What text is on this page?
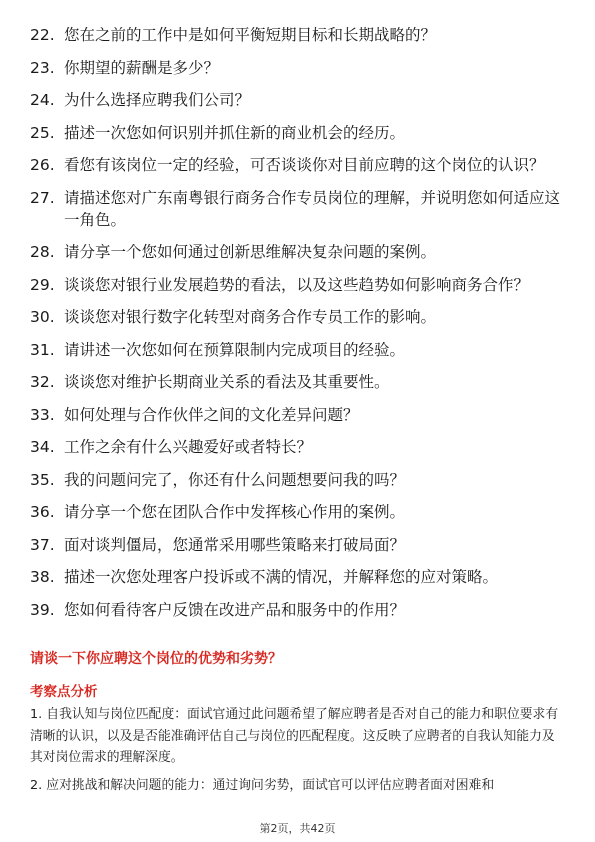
22. 您在之前的工作中是如何平衡短期目标和长期战略的？
23. 你期望的薪酬是多少？
24. 为什么选择应聘我们公司？
25. 描述一次您如何识别并抓住新的商业机会的经历。
26. 看您有该岗位一定的经验，可否谈谈你对目前应聘的这个岗位的认识？
27. 请描述您对广东南粤银行商务合作专员岗位的理解，并说明您如何适应这一角色。
28. 请分享一个您如何通过创新思维解决复杂问题的案例。
29. 谈谈您对银行业发展趋势的看法，以及这些趋势如何影响商务合作？
30. 谈谈您对银行数字化转型对商务合作专员工作的影响。
31. 请讲述一次您如何在预算限制内完成项目的经验。
32. 谈谈您对维护长期商业关系的看法及其重要性。
33. 如何处理与合作伙伴之间的文化差异问题？
34. 工作之余有什么兴趣爱好或者特长？
35. 我的问题问完了，你还有什么问题想要问我的吗？
36. 请分享一个您在团队合作中发挥核心作用的案例。
37. 面对谈判僵局，您通常采用哪些策略来打破局面？
38. 描述一次您处理客户投诉或不满的情况，并解释您的应对策略。
39. 您如何看待客户反馈在改进产品和服务中的作用？
请谈一下你应聘这个岗位的优势和劣势？
考察点分析

1. 自我认知与岗位匹配度：面试官通过此问题希望了解应聘者是否对自己的能力和职位要求有清晰的认识，以及是否能准确评估自己与岗位的匹配程度。这反映了应聘者的自我认知能力及其对岗位需求的理解深度。

2. 应对挑战和解决问题的能力：通过询问劣势，面试官可以评估应聘者面对困难和

第2页，共42页
